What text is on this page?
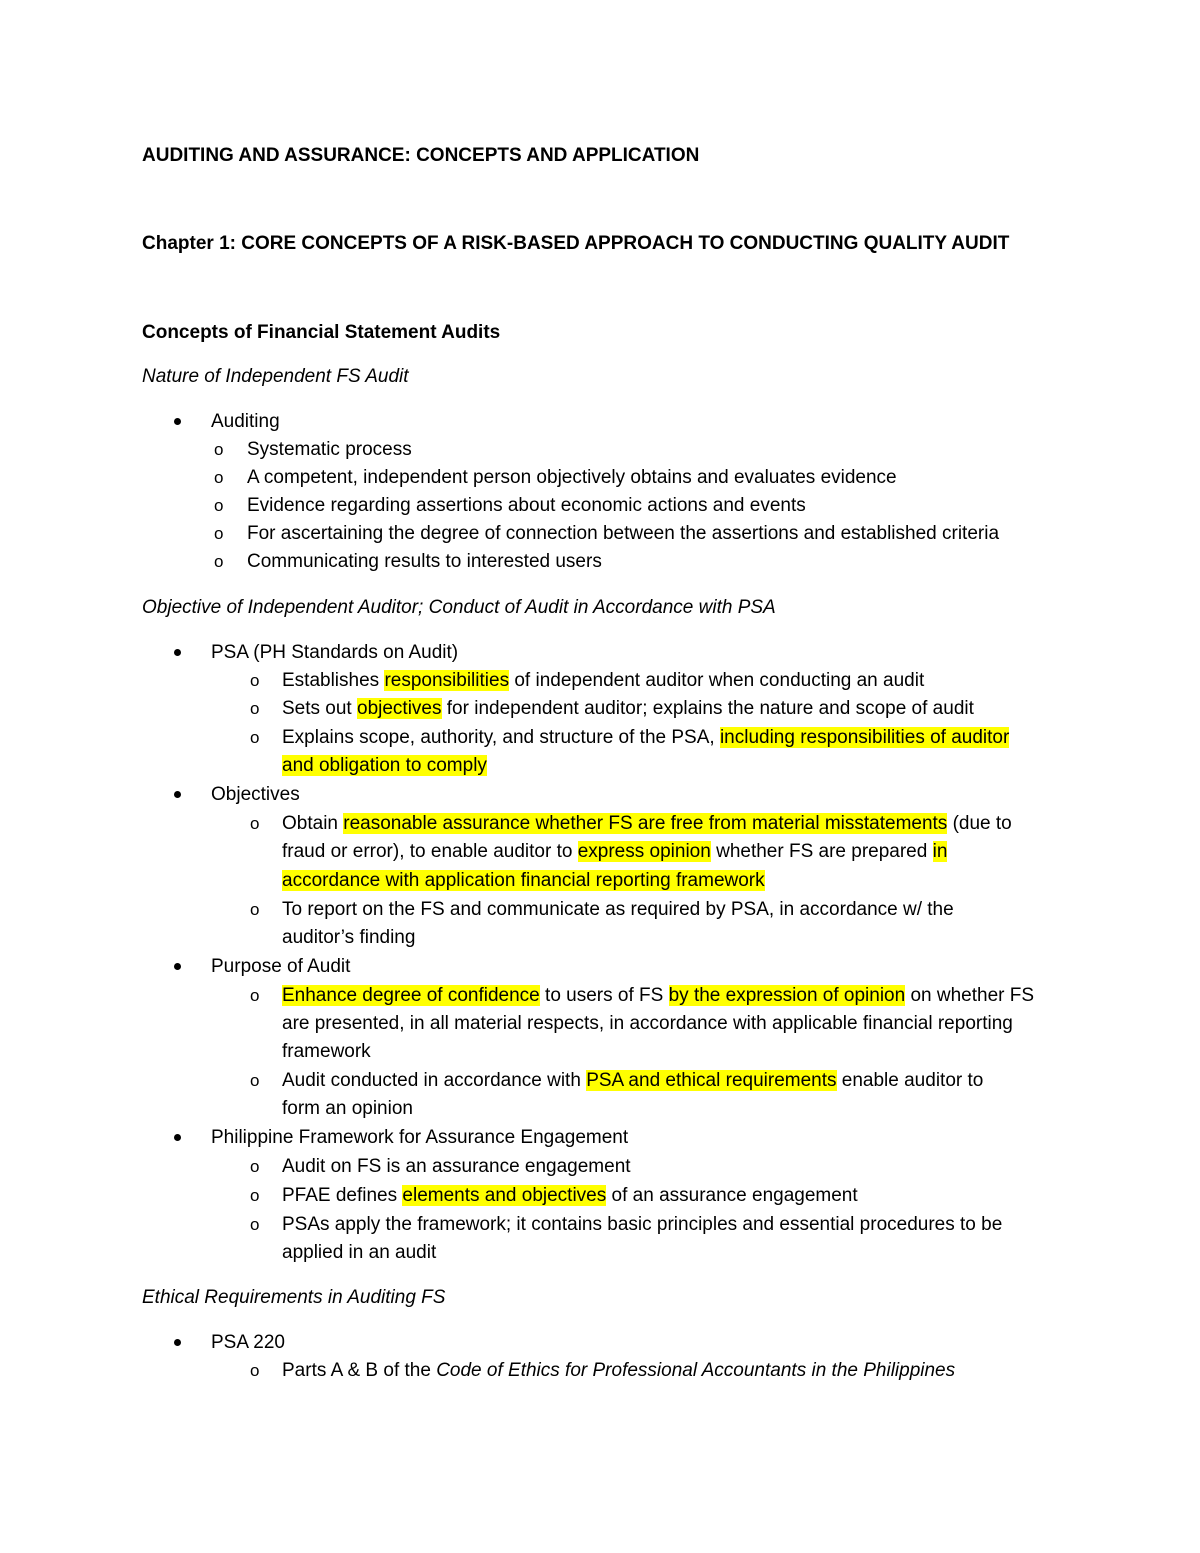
AUDITING AND ASSURANCE: CONCEPTS AND APPLICATION
Chapter 1: CORE CONCEPTS OF A RISK-BASED APPROACH TO CONDUCTING QUALITY AUDIT
Concepts of Financial Statement Audits
Nature of Independent FS Audit
Auditing
o Systematic process
o A competent, independent person objectively obtains and evaluates evidence
o Evidence regarding assertions about economic actions and events
o For ascertaining the degree of connection between the assertions and established criteria
o Communicating results to interested users
Objective of Independent Auditor; Conduct of Audit in Accordance with PSA
PSA (PH Standards on Audit)
o Establishes responsibilities of independent auditor when conducting an audit
o Sets out objectives for independent auditor; explains the nature and scope of audit
o Explains scope, authority, and structure of the PSA, including responsibilities of auditor
and obligation to comply
Objectives
o Obtain reasonable assurance whether FS are free from material misstatements (due to
fraud or error), to enable auditor to express opinion whether FS are prepared in
accordance with application financial reporting framework
o To report on the FS and communicate as required by PSA, in accordance w/ the
auditor’s finding
Purpose of Audit
o Enhance degree of confidence to users of FS by the expression of opinion on whether FS
are presented, in all material respects, in accordance with applicable financial reporting
framework
o Audit conducted in accordance with PSA and ethical requirements enable auditor to
form an opinion
Philippine Framework for Assurance Engagement
o Audit on FS is an assurance engagement
o PFAE defines elements and objectives of an assurance engagement
o PSAs apply the framework; it contains basic principles and essential procedures to be
applied in an audit
Ethical Requirements in Auditing FS
PSA 220
o Parts A & B of the Code of Ethics for Professional Accountants in the Philippines
